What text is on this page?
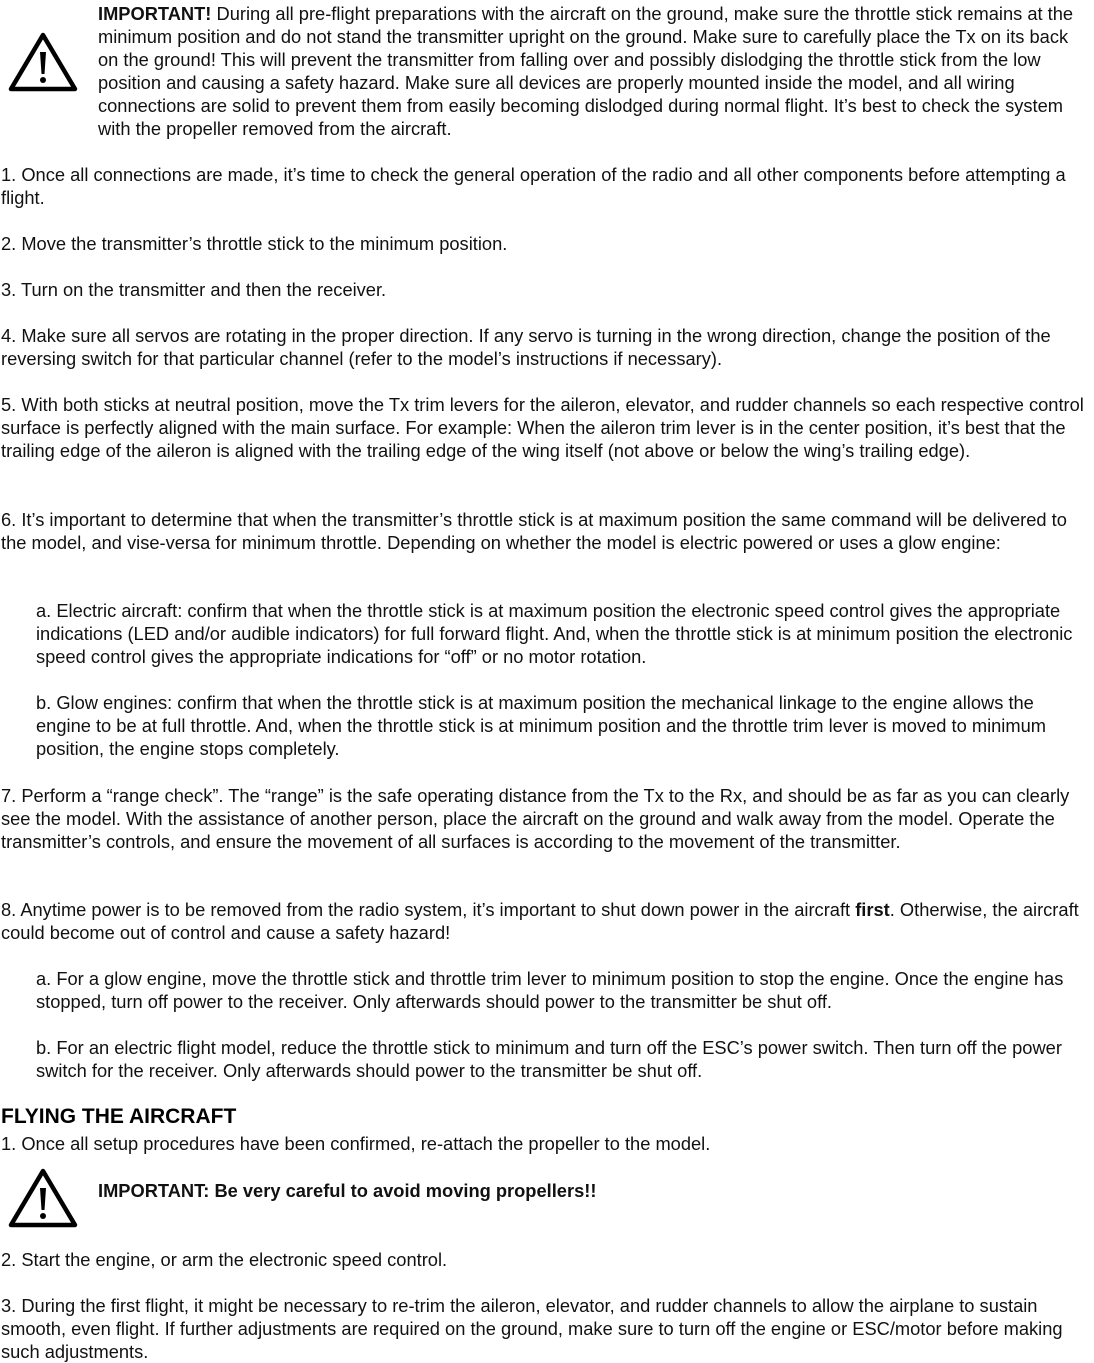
IMPORTANT! During all pre-flight preparations with the aircraft on the ground, make sure the throttle stick remains at the minimum position and do not stand the transmitter upright on the ground. Make sure to carefully place the Tx on its back on the ground! This will prevent the transmitter from falling over and possibly dislodging the throttle stick from the low position and causing a safety hazard. Make sure all devices are properly mounted inside the model, and all wiring connections are solid to prevent them from easily becoming dislodged during normal flight. It’s best to check the system with the propeller removed from the aircraft.

1. Once all connections are made, it’s time to check the general operation of the radio and all other components before attempting a flight.

2. Move the transmitter’s throttle stick to the minimum position.

3. Turn on the transmitter and then the receiver.

4. Make sure all servos are rotating in the proper direction. If any servo is turning in the wrong direction, change the position of the reversing switch for that particular channel (refer to the model’s instructions if necessary).

5. With both sticks at neutral position, move the Tx trim levers for the aileron, elevator, and rudder channels so each respective control surface is perfectly aligned with the main surface. For example: When the aileron trim lever is in the center position, it’s best that the trailing edge of the aileron is aligned with the trailing edge of the wing itself (not above or below the wing’s trailing edge).

6. It’s important to determine that when the transmitter’s throttle stick is at maximum position the same command will be delivered to the model, and vise-versa for minimum throttle. Depending on whether the model is electric powered or uses a glow engine:

a. Electric aircraft: confirm that when the throttle stick is at maximum position the electronic speed control gives the appropriate indications (LED and/or audible indicators) for full forward flight. And, when the throttle stick is at minimum position the electronic speed control gives the appropriate indications for “off” or no motor rotation.

b. Glow engines: confirm that when the throttle stick is at maximum position the mechanical linkage to the engine allows the engine to be at full throttle. And, when the throttle stick is at minimum position and the throttle trim lever is moved to minimum position, the engine stops completely.

7. Perform a “range check”. The “range” is the safe operating distance from the Tx to the Rx, and should be as far as you can clearly see the model. With the assistance of another person, place the aircraft on the ground and walk away from the model. Operate the transmitter’s controls, and ensure the movement of all surfaces is according to the movement of the transmitter.

8. Anytime power is to be removed from the radio system, it’s important to shut down power in the aircraft first. Otherwise, the aircraft could become out of control and cause a safety hazard!

a. For a glow engine, move the throttle stick and throttle trim lever to minimum position to stop the engine. Once the engine has stopped, turn off power to the receiver. Only afterwards should power to the transmitter be shut off.

b. For an electric flight model, reduce the throttle stick to minimum and turn off the ESC’s power switch. Then turn off the power switch for the receiver. Only afterwards should power to the transmitter be shut off.

FLYING THE AIRCRAFT

1. Once all setup procedures have been confirmed, re-attach the propeller to the model.

IMPORTANT: Be very careful to avoid moving propellers!!

2. Start the engine, or arm the electronic speed control.

3. During the first flight, it might be necessary to re-trim the aileron, elevator, and rudder channels to allow the airplane to sustain smooth, even flight. If further adjustments are required on the ground, make sure to turn off the engine or ESC/motor before making such adjustments.
